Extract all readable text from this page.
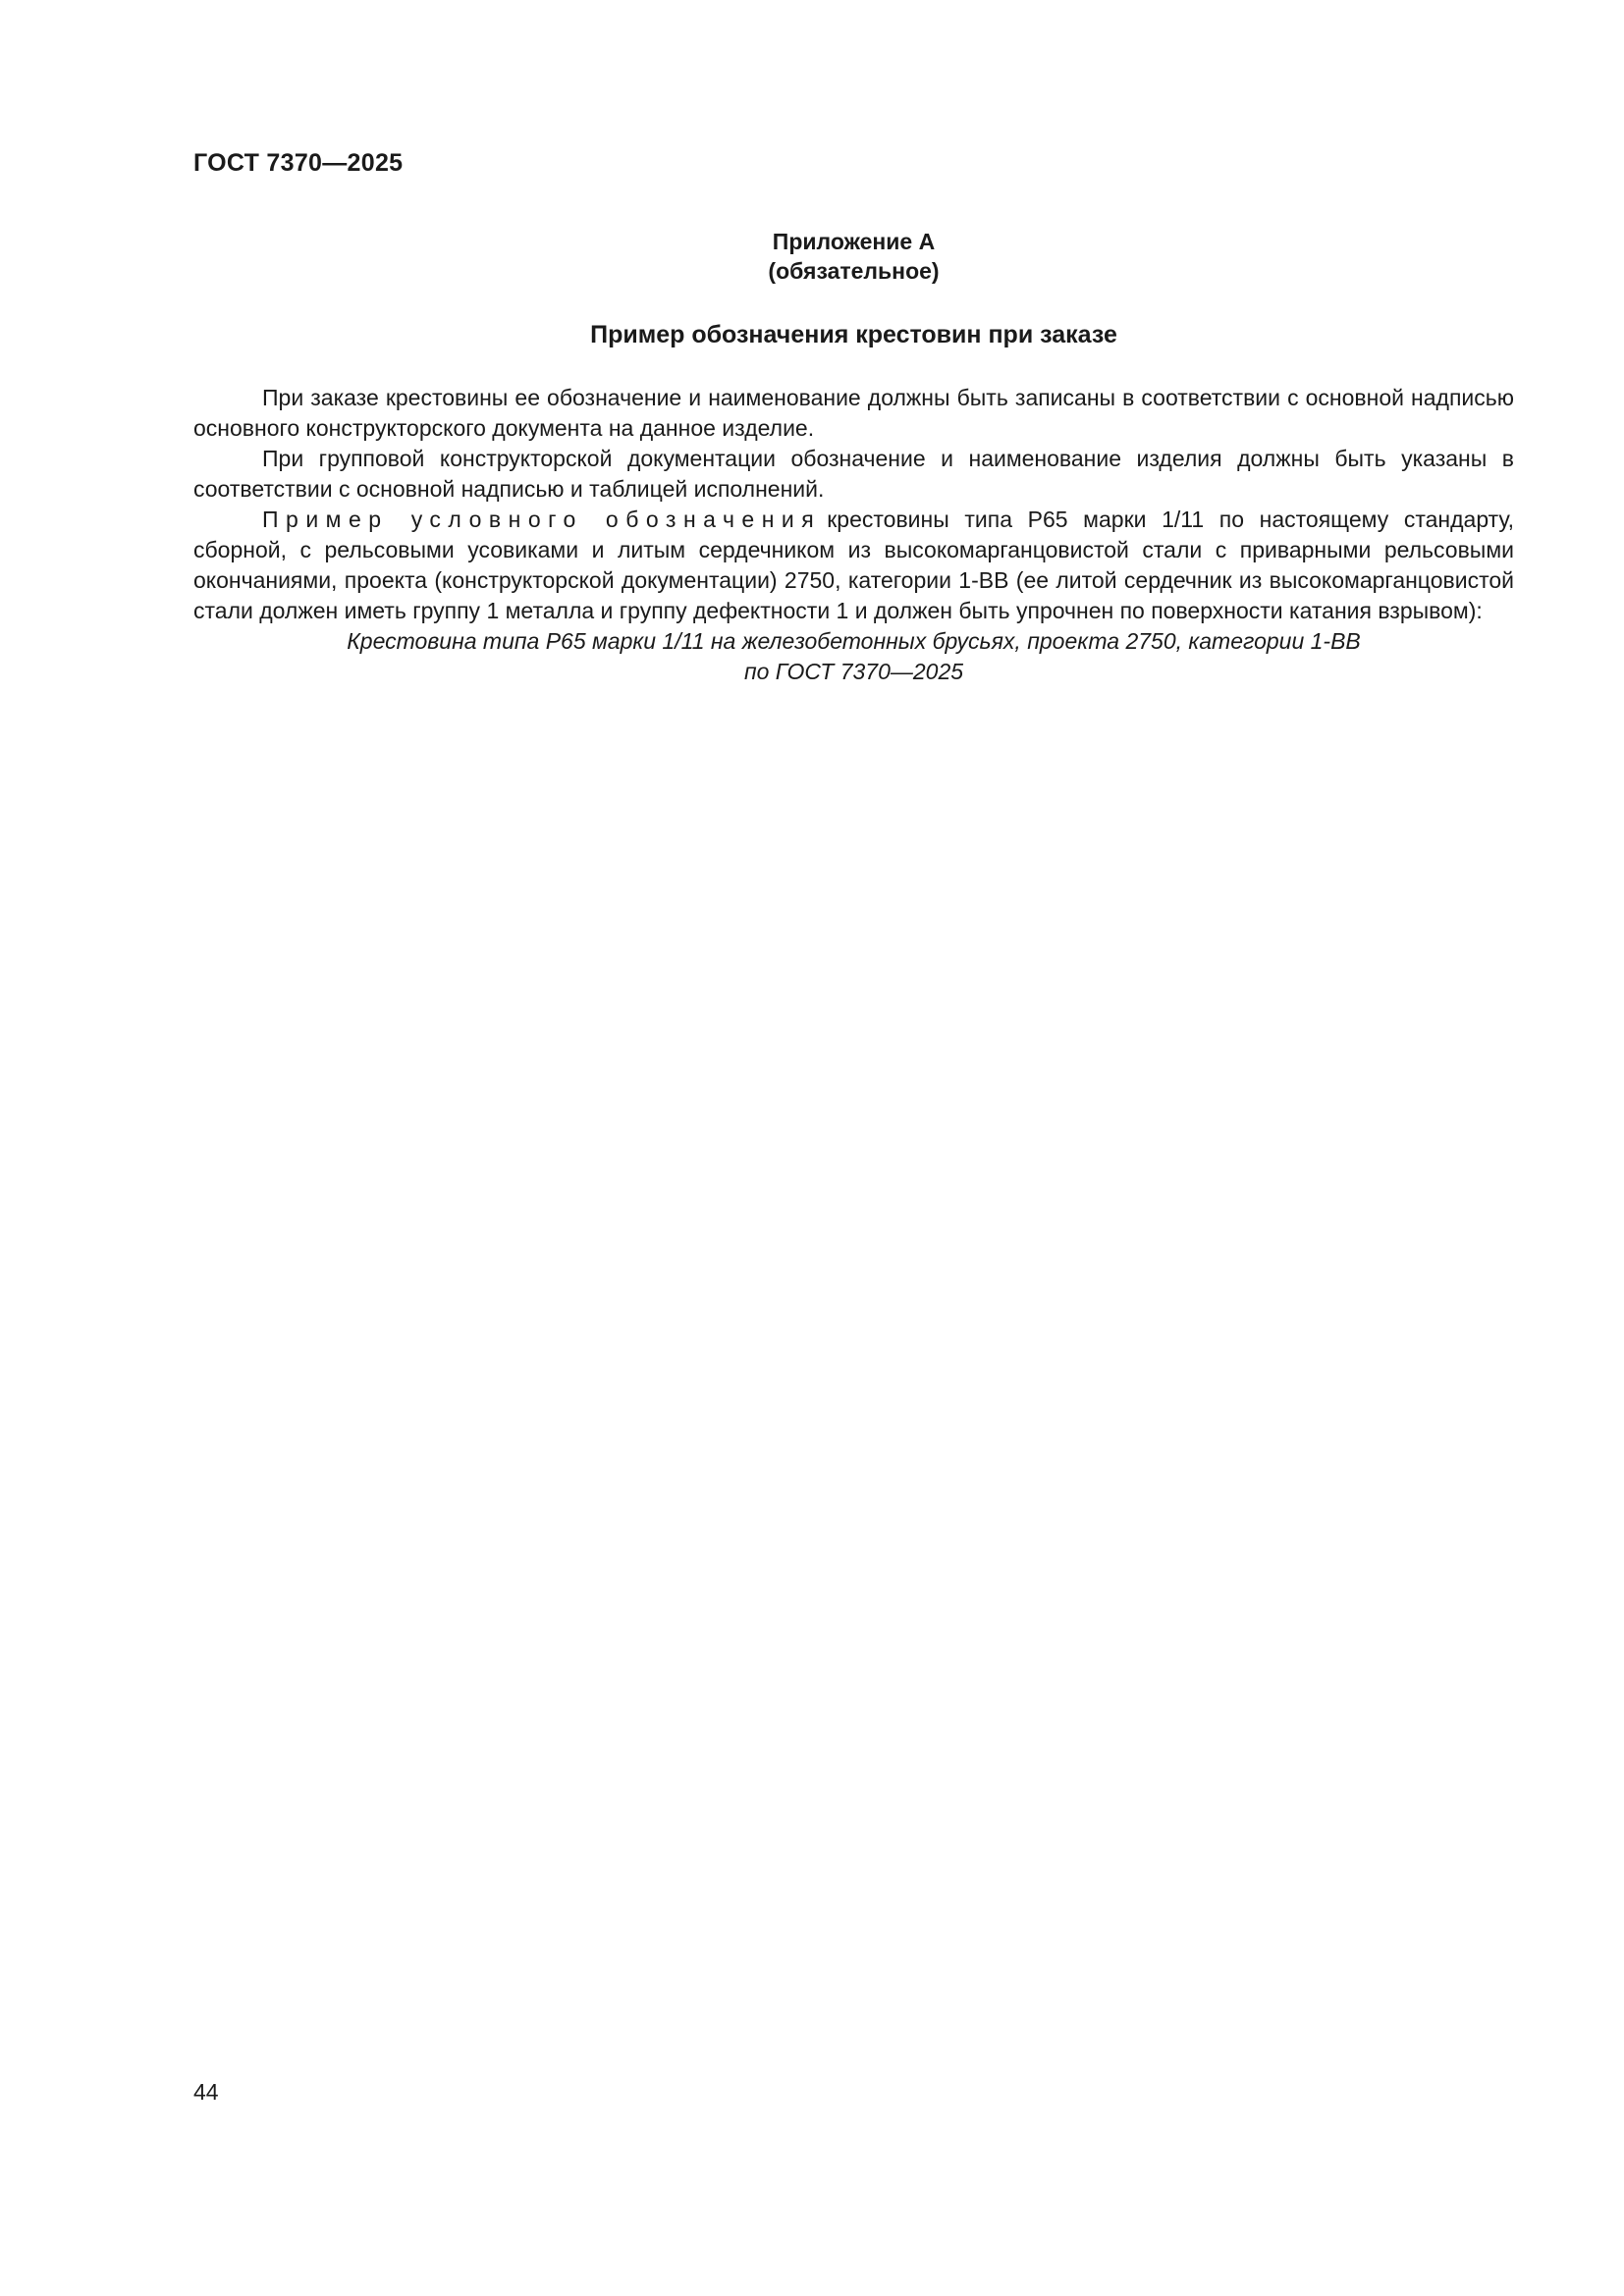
ГОСТ 7370—2025
Приложение А
(обязательное)
Пример обозначения крестовин при заказе

При заказе крестовины ее обозначение и наименование должны быть записаны в соответствии с основной надписью основного конструкторского документа на данное изделие.

При групповой конструкторской документации обозначение и наименование изделия должны быть указаны в соответствии с основной надписью и таблицей исполнений.

Пример условного обозначения крестовины типа Р65 марки 1/11 по настоящему стандарту, сборной, с рельсовыми усовиками и литым сердечником из высокомарганцовистой стали с приварными рельсовыми окончаниями, проекта (конструкторской документации) 2750, категории 1-ВВ (ее литой сердечник из высокомарганцовистой стали должен иметь группу 1 металла и группу дефектности 1 и должен быть упрочнен по поверхности катания взрывом):

Крестовина типа Р65 марки 1/11 на железобетонных брусьях, проекта 2750, категории 1-ВВ
по ГОСТ 7370—2025

44
